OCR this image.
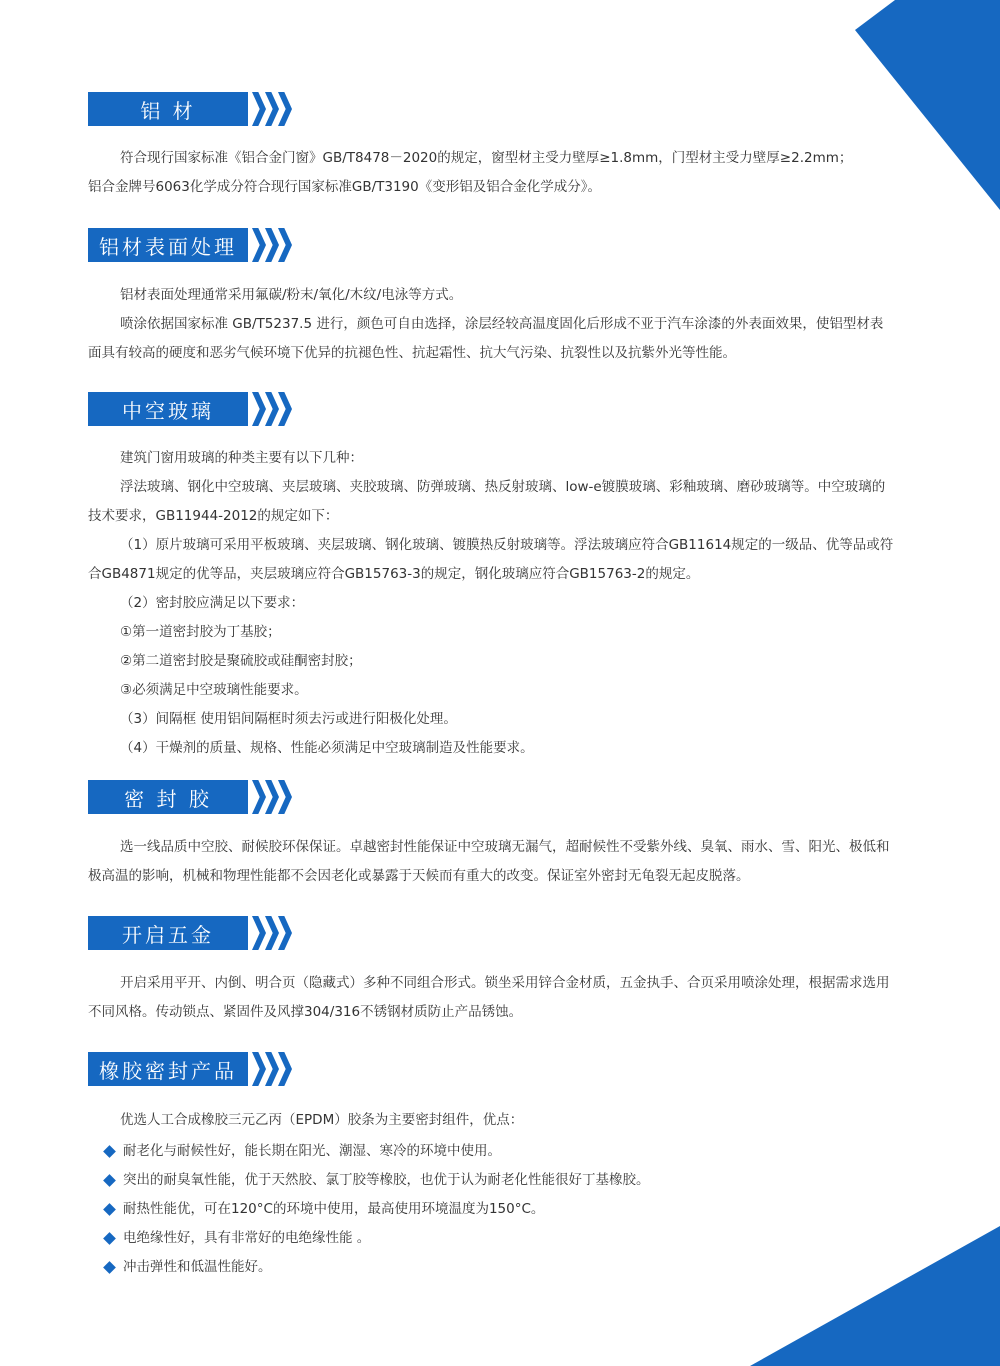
铝 材

符合现行国家标准《铝合金门窗》GB/T8478－2020的规定，窗型材主受力壁厚≥1.8mm，门型材主受力壁厚≥2.2mm；

铝合金牌号6063化学成分符合现行国家标准GB/T3190《变形铝及铝合金化学成分》。

铝材表面处理

铝材表面处理通常采用氟碳/粉末/氧化/木纹/电泳等方式。

喷涂依据国家标准 GB/T5237.5 进行，颜色可自由选择，涂层经较高温度固化后形成不亚于汽车涂漆的外表面效果，使铝型材表面具有较高的硬度和恶劣气候环境下优异的抗褪色性、抗起霜性、抗大气污染、抗裂性以及抗紫外光等性能。

中空玻璃

建筑门窗用玻璃的种类主要有以下几种：

浮法玻璃、钢化中空玻璃、夹层玻璃、夹胶玻璃、防弹玻璃、热反射玻璃、low-e镀膜玻璃、彩釉玻璃、磨砂玻璃等。中空玻璃的技术要求，GB11944-2012的规定如下：

（1）原片玻璃可采用平板玻璃、夹层玻璃、钢化玻璃、镀膜热反射玻璃等。浮法玻璃应符合GB11614规定的一级品、优等品或符合GB4871规定的优等品，夹层玻璃应符合GB15763-3的规定，钢化玻璃应符合GB15763-2的规定。

（2）密封胶应满足以下要求：

①第一道密封胶为丁基胶；

②第二道密封胶是聚硫胶或硅酮密封胶；

③必须满足中空玻璃性能要求。

（3）间隔框 使用铝间隔框时须去污或进行阳极化处理。

（4）干燥剂的质量、规格、性能必须满足中空玻璃制造及性能要求。

密 封 胶

选一线品质中空胶、耐候胶环保保证。卓越密封性能保证中空玻璃无漏气，超耐候性不受紫外线、臭氧、雨水、雪、阳光、极低和极高温的影响，机械和物理性能都不会因老化或暴露于天候而有重大的改变。保证室外密封无龟裂无起皮脱落。

开启五金

开启采用平开、内倒、明合页（隐藏式）多种不同组合形式。锁坐采用锌合金材质，五金执手、合页采用喷涂处理，根据需求选用不同风格。传动锁点、紧固件及风撑304/316不锈钢材质防止产品锈蚀。

橡胶密封产品

优选人工合成橡胶三元乙丙（EPDM）胶条为主要密封组件，优点：

耐老化与耐候性好，能长期在阳光、潮湿、寒冷的环境中使用。
突出的耐臭氧性能，优于天然胶、氯丁胶等橡胶，也优于认为耐老化性能很好丁基橡胶。
耐热性能优，可在120°C的环境中使用，最高使用环境温度为150°C。
电绝缘性好，具有非常好的电绝缘性能 。
冲击弹性和低温性能好。
